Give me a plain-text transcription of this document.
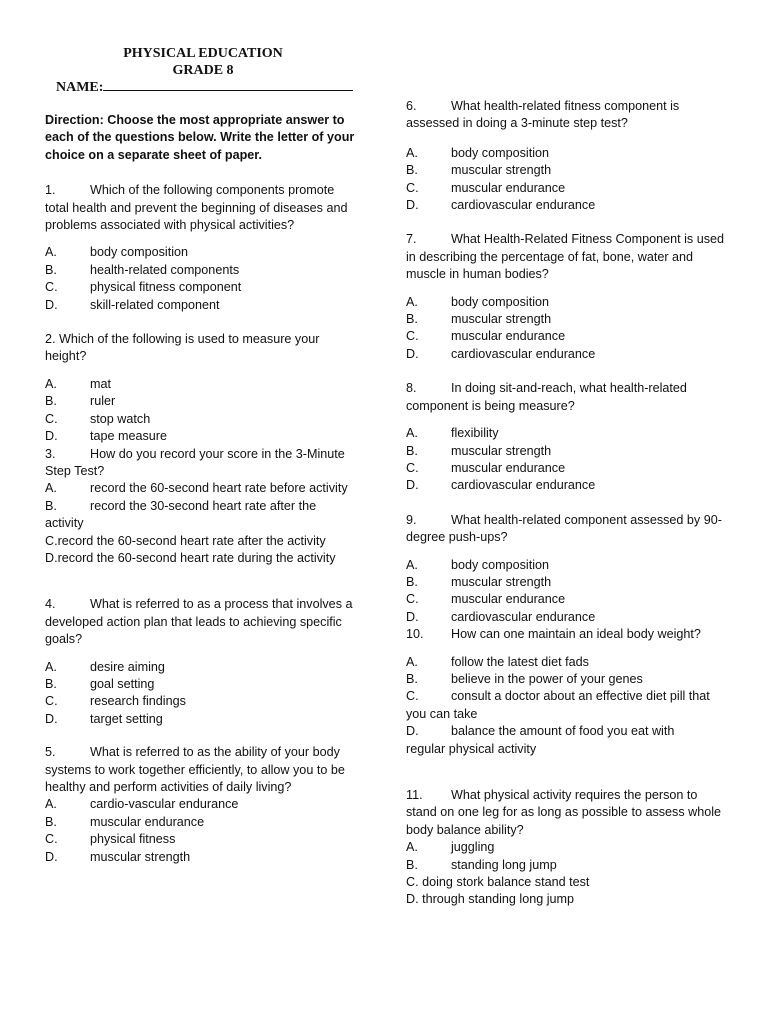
PHYSICAL EDUCATION
GRADE 8
NAME:
Direction: Choose the most appropriate answer to each of the questions below. Write the letter of your choice on a separate sheet of paper.
1.	Which of the following components promote
total health and prevent the beginning of diseases and
problems associated with physical activities?
A.	body composition
B.	health-related components
C.	physical fitness component
D.	skill-related component
2. Which of the following is used to measure your
height?
A.	mat
B.	ruler
C.	stop watch
D.	tape measure
3.	How do you record your score in the 3-Minute
Step Test?
A.	record the 60-second heart rate before activity
B.	record the 30-second heart rate after the
activity
C.record the 60-second heart rate after the activity
D.record the 60-second heart rate during the activity
4.	What is referred to as a process that involves a
developed action plan that leads to achieving specific
goals?
A.	desire aiming
B.	goal setting
C.	research findings
D.	target setting
5.	What is referred to as the ability of your body
systems to work together efficiently, to allow you to be
healthy and perform activities of daily living?
A.	cardio-vascular endurance
B.	muscular endurance
C.	physical fitness
D.	muscular strength
6.	What health-related fitness component is
assessed in doing a 3-minute step test?
A.	body composition
B.	muscular strength
C.	muscular endurance
D.	cardiovascular endurance
7.	What Health-Related Fitness Component is used
in describing the percentage of fat, bone, water and
muscle in human bodies?
A.	body composition
B.	muscular strength
C.	muscular endurance
D.	cardiovascular endurance
8.	In doing sit-and-reach, what health-related
component is being measure?
A.	flexibility
B.	muscular strength
C.	muscular endurance
D.	cardiovascular endurance
9.	What health-related component assessed by 90-
degree push-ups?
A.	body composition
B.	muscular strength
C.	muscular endurance
D.	cardiovascular endurance
10.	How can one maintain an ideal body weight?
A.	follow the latest diet fads
B.	believe in the power of your genes
C.	consult a doctor about an effective diet pill that
you can take
D.	balance the amount of food you eat with
regular physical activity
11.	What physical activity requires the person to
stand on one leg for as long as possible to assess whole
body balance ability?
A.	juggling
B.	standing long jump
C. doing stork balance stand test
D. through standing long jump
